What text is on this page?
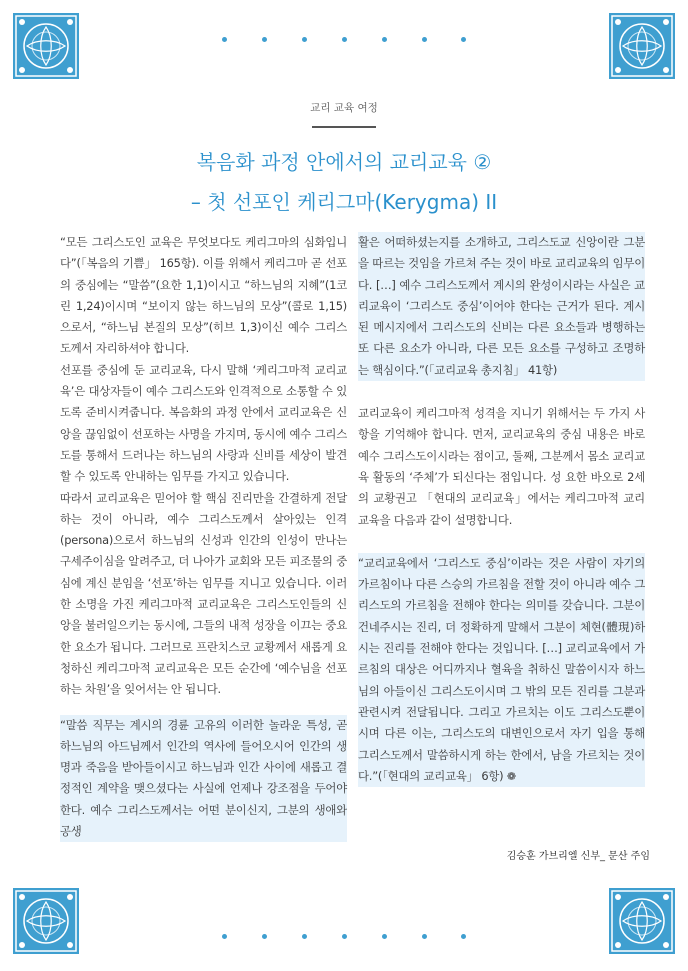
교리 교육 여정
복음화 과정 안에서의 교리교육 ②
– 첫 선포인 케리그마(Kerygma) II

“모든 그리스도인 교육은 무엇보다도 케리그마의 심화입니다”(「복음의 기쁨」 165항). 이를 위해서 케리그마 곧 선포의 중심에는 “말씀”(요한 1,1)이시고 “하느님의 지혜”(1코린 1,24)이시며 “보이지 않는 하느님의 모상”(콜로 1,15)으로서, “하느님 본질의 모상”(히브 1,3)이신 예수 그리스도께서 자리하셔야 합니다.

선포를 중심에 둔 교리교육, 다시 말해 ‘케리그마적 교리교육’은 대상자들이 예수 그리스도와 인격적으로 소통할 수 있도록 준비시켜줍니다. 복음화의 과정 안에서 교리교육은 신앙을 끊임없이 선포하는 사명을 가지며, 동시에 예수 그리스도를 통해서 드러나는 하느님의 사랑과 신비를 세상이 발견할 수 있도록 안내하는 임무를 가지고 있습니다.

따라서 교리교육은 믿어야 할 핵심 진리만을 간결하게 전달하는 것이 아니라, 예수 그리스도께서 살아있는 인격(persona)으로서 하느님의 신성과 인간의 인성이 만나는 구세주이심을 알려주고, 더 나아가 교회와 모든 피조물의 중심에 계신 분임을 ‘선포’하는 임무를 지니고 있습니다. 이러한 소명을 가진 케리그마적 교리교육은 그리스도인들의 신앙을 불러일으키는 동시에, 그들의 내적 성장을 이끄는 중요한 요소가 됩니다. 그러므로 프란치스코 교황께서 새롭게 요청하신 케리그마적 교리교육은 모든 순간에 ‘예수님을 선포하는 차원’을 잊어서는 안 됩니다.

“말씀 직무는 계시의 경륜 고유의 이러한 놀라운 특성, 곧 하느님의 아드님께서 인간의 역사에 들어오시어 인간의 생명과 죽음을 받아들이시고 하느님과 인간 사이에 새롭고 결정적인 계약을 맺으셨다는 사실에 언제나 강조점을 두어야 한다. 예수 그리스도께서는 어떤 분이신지, 그분의 생애와 공생

활은 어떠하셨는지를 소개하고, 그리스도교 신앙이란 그분을 따르는 것임을 가르쳐 주는 것이 바로 교리교육의 임무이다. […] 예수 그리스도께서 계시의 완성이시라는 사실은 교리교육이 ‘그리스도 중심’이어야 한다는 근거가 된다. 계시된 메시지에서 그리스도의 신비는 다른 요소들과 병행하는 또 다른 요소가 아니라, 다른 모든 요소를 구성하고 조명하는 핵심이다.”(「교리교육 총지침」 41항)

교리교육이 케리그마적 성격을 지니기 위해서는 두 가지 사항을 기억해야 합니다. 먼저, 교리교육의 중심 내용은 바로 예수 그리스도이시라는 점이고, 둘째, 그분께서 몸소 교리교육 활동의 ‘주체’가 되신다는 점입니다. 성 요한 바오로 2세의 교황권고 「현대의 교리교육」에서는 케리그마적 교리교육을 다음과 같이 설명합니다.

“교리교육에서 ‘그리스도 중심’이라는 것은 사람이 자기의 가르침이나 다른 스승의 가르침을 전할 것이 아니라 예수 그리스도의 가르침을 전해야 한다는 의미를 갖습니다. 그분이 건네주시는 진리, 더 정확하게 말해서 그분이 체현(體現)하시는 진리를 전해야 한다는 것입니다. […] 교리교육에서 가르침의 대상은 어디까지나 혈육을 취하신 말씀이시자 하느님의 아들이신 그리스도이시며 그 밖의 모든 진리를 그분과 관련시켜 전달됩니다. 그리고 가르치는 이도 그리스도뿐이시며 다른 이는, 그리스도의 대변인으로서 자기 입을 통해 그리스도께서 말씀하시게 하는 한에서, 남을 가르치는 것이다.”(「현대의 교리교육」 6항) ❁

김승훈 가브리엘 신부_ 문산 주임
